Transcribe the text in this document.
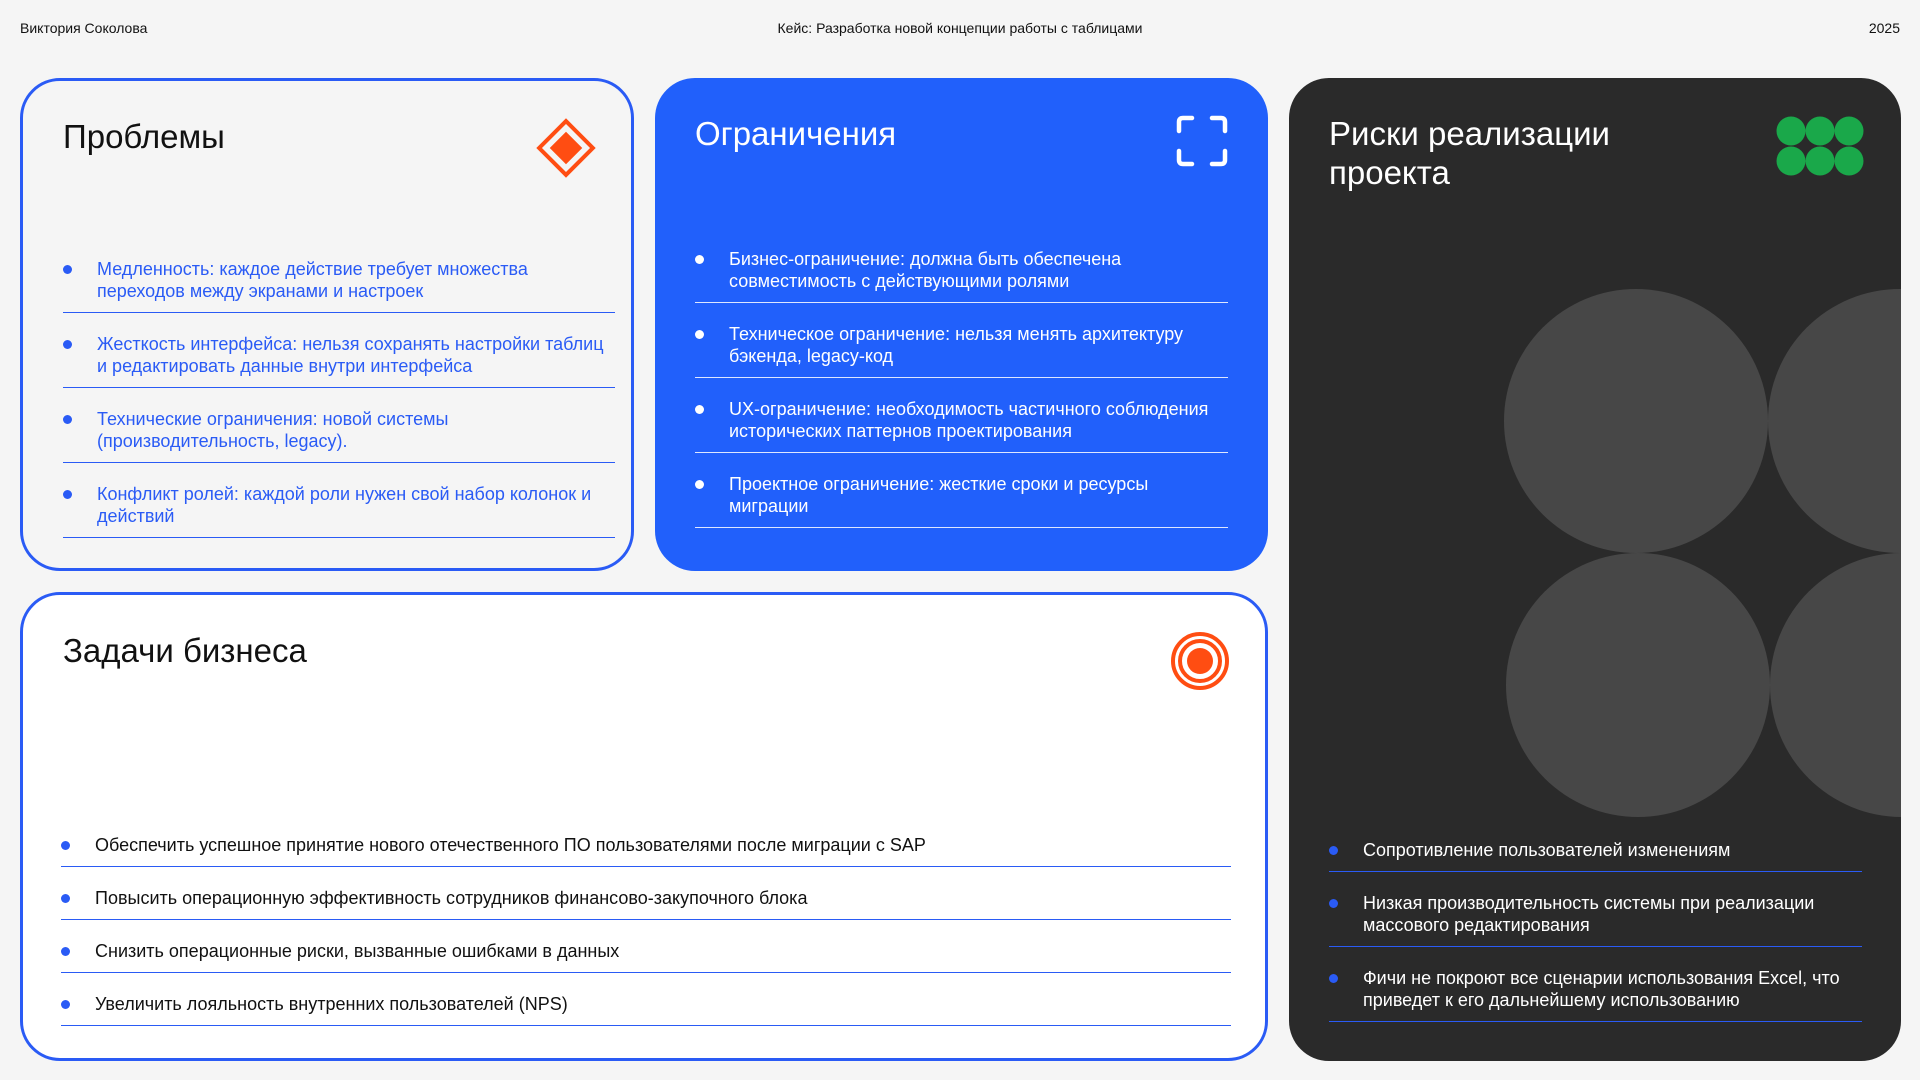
Виктория Соколова	Кейс: Разработка новой концепции работы с таблицами	2025
Проблемы
Медленность: каждое действие требует множества переходов между экранами и настроек
Жесткость интерфейса: нельзя сохранять настройки таблиц и редактировать данные внутри интерфейса
Технические ограничения: новой системы (производительность, legacy).
Конфликт ролей: каждой роли нужен свой набор колонок и действий
Ограничения
Бизнес-ограничение: должна быть обеспечена совместимость с действующими ролями
Техническое ограничение: нельзя менять архитектуру бэкенда, legacy-код
UX-ограничение: необходимость частичного соблюдения исторических паттернов проектирования
Проектное ограничение: жесткие сроки и ресурсы миграции
Риски реализации проекта
Сопротивление пользователей изменениям
Низкая производительность системы при реализации массового редактирования
Фичи не покроют все сценарии использования Excel, что приведет к его дальнейшему использованию
Задачи бизнеса
Обеспечить успешное принятие нового отечественного ПО пользователями после миграции с SAP
Повысить операционную эффективность сотрудников финансово-закупочного блока
Снизить операционные риски, вызванные ошибками в данных
Увеличить лояльность внутренних пользователей (NPS)
